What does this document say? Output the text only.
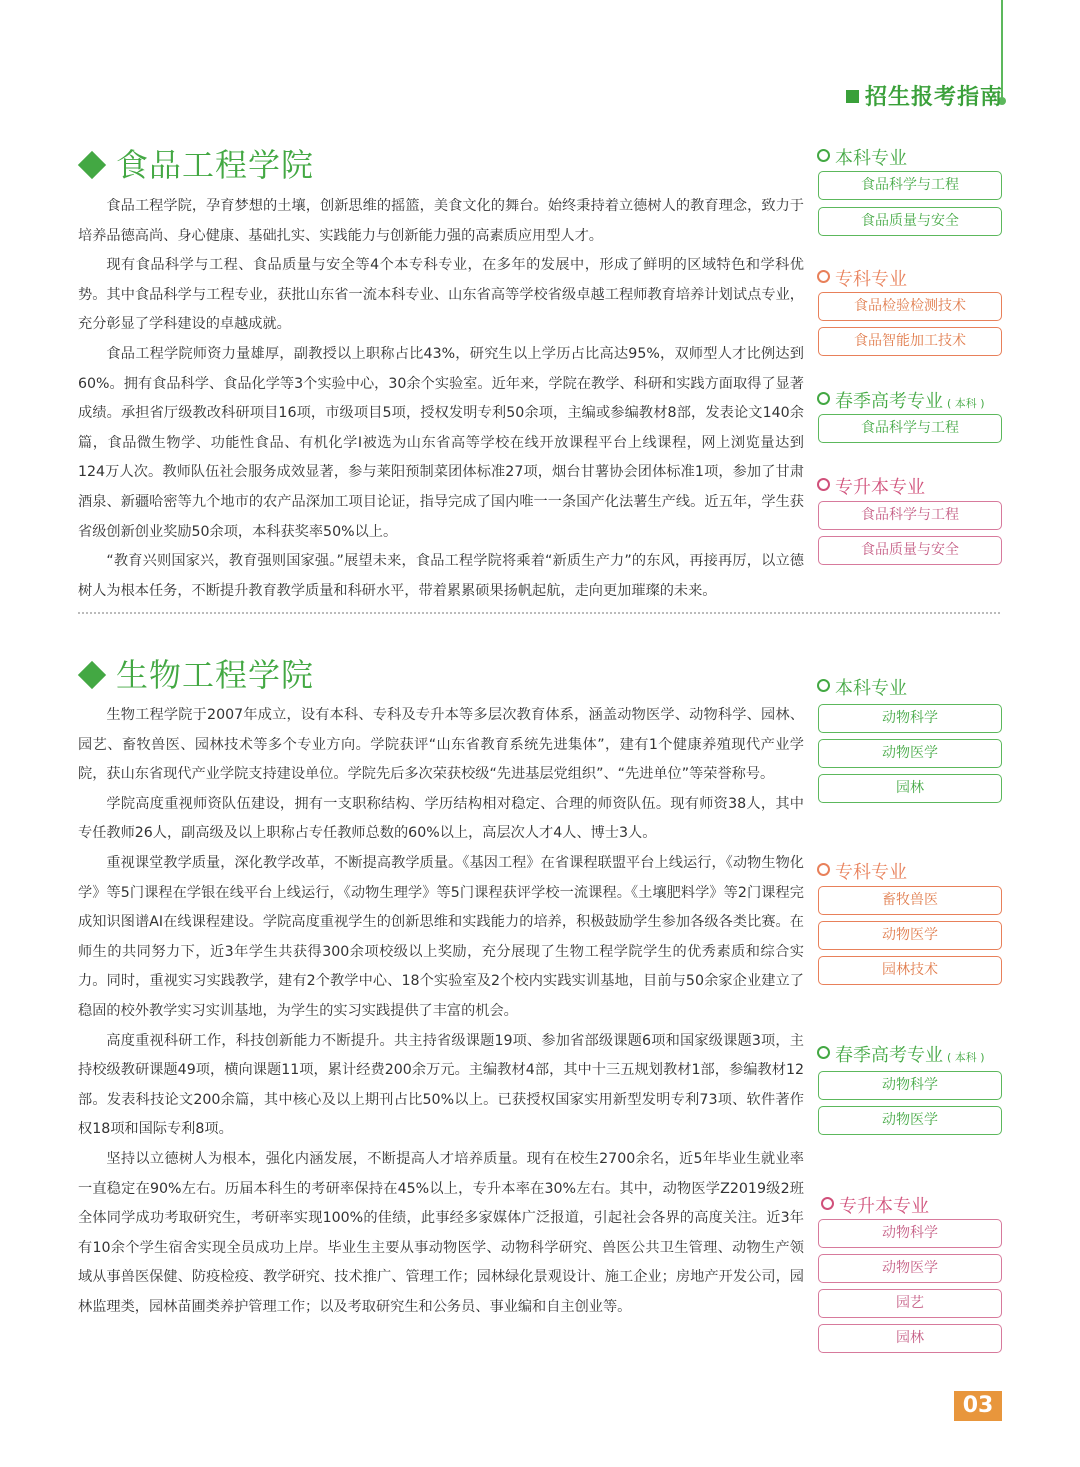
招生报考指南
食品工程学院

食品工程学院，孕育梦想的土壤，创新思维的摇篮，美食文化的舞台。始终秉持着立德树人的教育理念，致力于培养品德高尚、身心健康、基础扎实、实践能力与创新能力强的高素质应用型人才。

现有食品科学与工程、食品质量与安全等4个本专科专业，在多年的发展中，形成了鲜明的区域特色和学科优势。其中食品科学与工程专业，获批山东省一流本科专业、山东省高等学校省级卓越工程师教育培养计划试点专业，充分彰显了学科建设的卓越成就。

食品工程学院师资力量雄厚，副教授以上职称占比43%，研究生以上学历占比高达95%，双师型人才比例达到60%。拥有食品科学、食品化学等3个实验中心，30余个实验室。近年来，学院在教学、科研和实践方面取得了显著成绩。承担省厅级教改科研项目16项，市级项目5项，授权发明专利50余项，主编或参编教材8部，发表论文140余篇，食品微生物学、功能性食品、有机化学Ⅰ被选为山东省高等学校在线开放课程平台上线课程，网上浏览量达到124万人次。教师队伍社会服务成效显著，参与莱阳预制菜团体标准27项，烟台甘薯协会团体标准1项，参加了甘肃酒泉、新疆哈密等九个地市的农产品深加工项目论证，指导完成了国内唯一一条国产化法薯生产线。近五年，学生获省级创新创业奖励50余项，本科获奖率50%以上。

“教育兴则国家兴，教育强则国家强。”展望未来，食品工程学院将乘着“新质生产力”的东风，再接再厉，以立德树人为根本任务，不断提升教育教学质量和科研水平，带着累累硕果扬帆起航，走向更加璀璨的未来。

本科专业
食品科学与工程
食品质量与安全
专科专业
食品检验检测技术
食品智能加工技术
春季高考专业 ( 本科 )
食品科学与工程
专升本专业
食品科学与工程
食品质量与安全
生物工程学院

生物工程学院于2007年成立，设有本科、专科及专升本等多层次教育体系，涵盖动物医学、动物科学、园林、园艺、畜牧兽医、园林技术等多个专业方向。学院获评“山东省教育系统先进集体”，建有1个健康养殖现代产业学院，获山东省现代产业学院支持建设单位。学院先后多次荣获校级“先进基层党组织”、“先进单位”等荣誉称号。

学院高度重视师资队伍建设，拥有一支职称结构、学历结构相对稳定、合理的师资队伍。现有师资38人，其中专任教师26人，副高级及以上职称占专任教师总数的60%以上，高层次人才4人、博士3人。

重视课堂教学质量，深化教学改革，不断提高教学质量。《基因工程》在省课程联盟平台上线运行，《动物生物化学》等5门课程在学银在线平台上线运行，《动物生理学》等5门课程获评学校一流课程。《土壤肥料学》等2门课程完成知识图谱AI在线课程建设。学院高度重视学生的创新思维和实践能力的培养，积极鼓励学生参加各级各类比赛。在师生的共同努力下，近3年学生共获得300余项校级以上奖励，充分展现了生物工程学院学生的优秀素质和综合实力。同时，重视实习实践教学，建有2个教学中心、18个实验室及2个校内实践实训基地，目前与50余家企业建立了稳固的校外教学实习实训基地，为学生的实习实践提供了丰富的机会。

高度重视科研工作，科技创新能力不断提升。共主持省级课题19项、参加省部级课题6项和国家级课题3项，主持校级教研课题49项，横向课题11项，累计经费200余万元。主编教材4部，其中十三五规划教材1部，参编教材12部。发表科技论文200余篇，其中核心及以上期刊占比50%以上。已获授权国家实用新型发明专利73项、软件著作权18项和国际专利8项。

坚持以立德树人为根本，强化内涵发展，不断提高人才培养质量。现有在校生2700余名，近5年毕业生就业率一直稳定在90%左右。历届本科生的考研率保持在45%以上，专升本率在30%左右。其中，动物医学Z2019级2班全体同学成功考取研究生，考研率实现100%的佳绩，此事经多家媒体广泛报道，引起社会各界的高度关注。近3年有10余个学生宿舍实现全员成功上岸。毕业生主要从事动物医学、动物科学研究、兽医公共卫生管理、动物生产领域从事兽医保健、防疫检疫、教学研究、技术推广、管理工作；园林绿化景观设计、施工企业；房地产开发公司，园林监理类，园林苗圃类养护管理工作；以及考取研究生和公务员、事业编和自主创业等。

本科专业
动物科学
动物医学
园林
专科专业
畜牧兽医
动物医学
园林技术
春季高考专业 ( 本科 )
动物科学
动物医学
专升本专业
动物科学
动物医学
园艺
园林
03
